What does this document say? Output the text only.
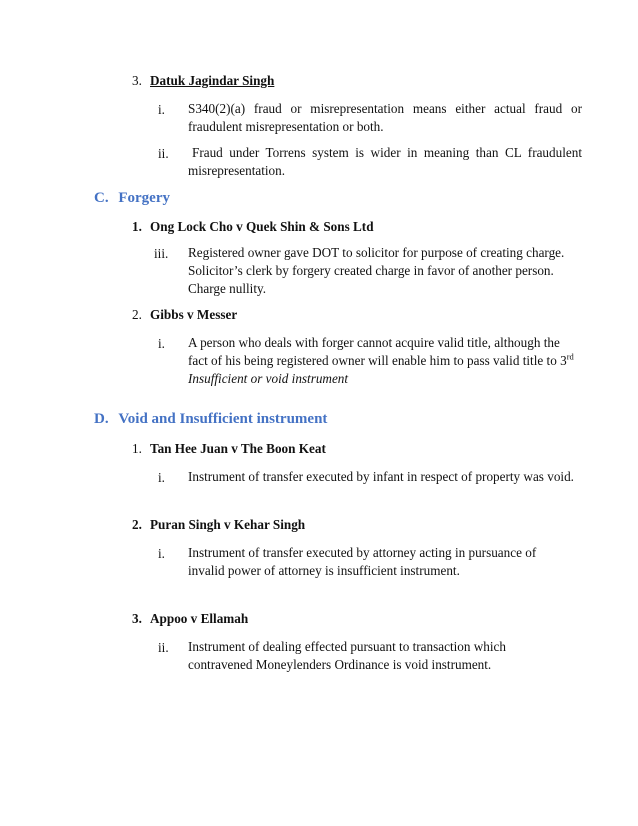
3. Datuk Jagindar Singh
i. S340(2)(a) fraud or misrepresentation means either actual fraud or
fraudulent misrepresentation or both.
ii. Fraud under Torrens system is wider in meaning than CL fraudulent
misrepresentation.
C. Forgery
1. Ong Lock Cho v Quek Shin & Sons Ltd
iii. Registered owner gave DOT to solicitor for purpose of creating charge.
Solicitor’s clerk by forgery created charge in favor of another person.
Charge nullity.
2. Gibbs v Messer
i. A person who deals with forger cannot acquire valid title, although the
fact of his being registered owner will enable him to pass valid title to 3rd
Insufficient or void instrument
D. Void and Insufficient instrument
1. Tan Hee Juan v The Boon Keat
i. Instrument of transfer executed by infant in respect of property was void.
2. Puran Singh v Kehar Singh
i. Instrument of transfer executed by attorney acting in pursuance of
invalid power of attorney is insufficient instrument.
3. Appoo v Ellamah
ii. Instrument of dealing effected pursuant to transaction which
contravened Moneylenders Ordinance is void instrument.
